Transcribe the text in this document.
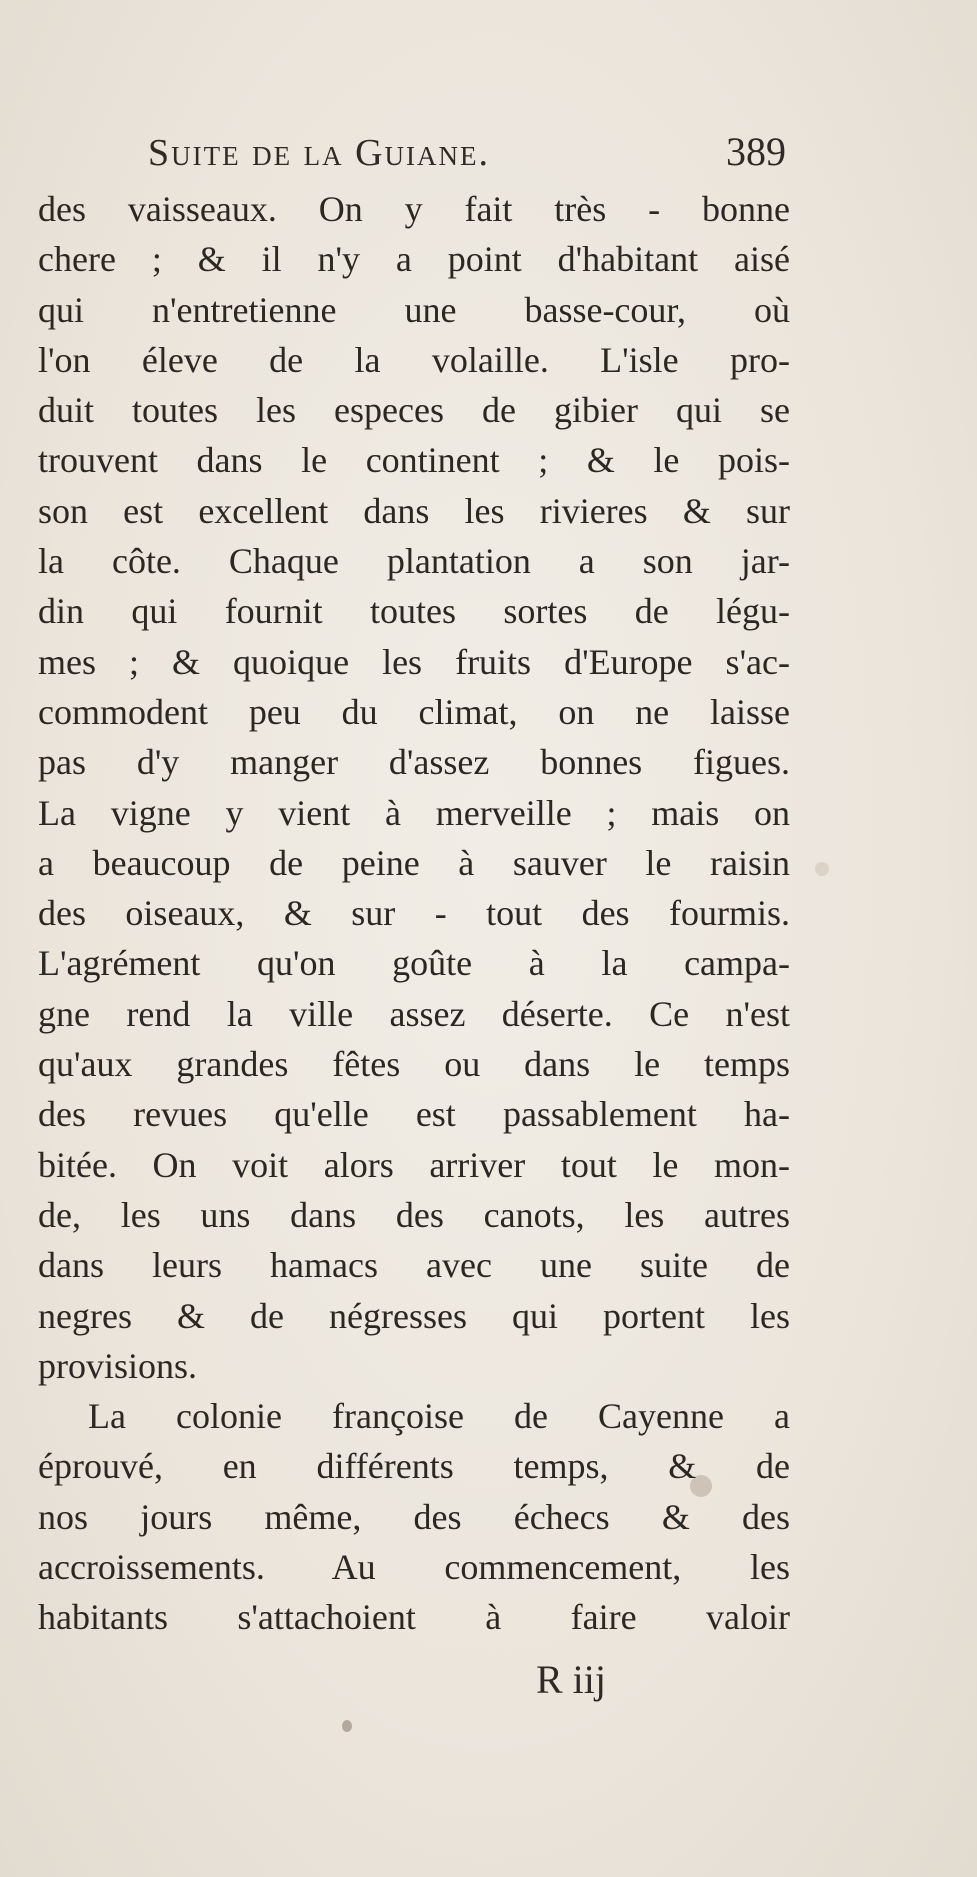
Suite de la Guiane.	389
des vaisseaux. On y fait très - bonne
chere ; & il n'y a point d'habitant aisé
qui n'entretienne une basse-cour, où
l'on éleve de la volaille. L'isle pro-
duit toutes les especes de gibier qui se
trouvent dans le continent ; & le pois-
son est excellent dans les rivieres & sur
la côte. Chaque plantation a son jar-
din qui fournit toutes sortes de légu-
mes ; & quoique les fruits d'Europe s'ac-
commodent peu du climat, on ne laisse
pas d'y manger d'assez bonnes figues.
La vigne y vient à merveille ; mais on
a beaucoup de peine à sauver le raisin
des oiseaux, & sur - tout des fourmis.
L'agrément qu'on goûte à la campa-
gne rend la ville assez déserte. Ce n'est
qu'aux grandes fêtes ou dans le temps
des revues qu'elle est passablement ha-
bitée. On voit alors arriver tout le mon-
de, les uns dans des canots, les autres
dans leurs hamacs avec une suite de
negres & de négresses qui portent les
provisions.
La colonie françoise de Cayenne a
éprouvé, en différents temps, & de
nos jours même, des échecs & des
accroissements. Au commencement, les
habitants s'attachoient à faire valoir
R iij
